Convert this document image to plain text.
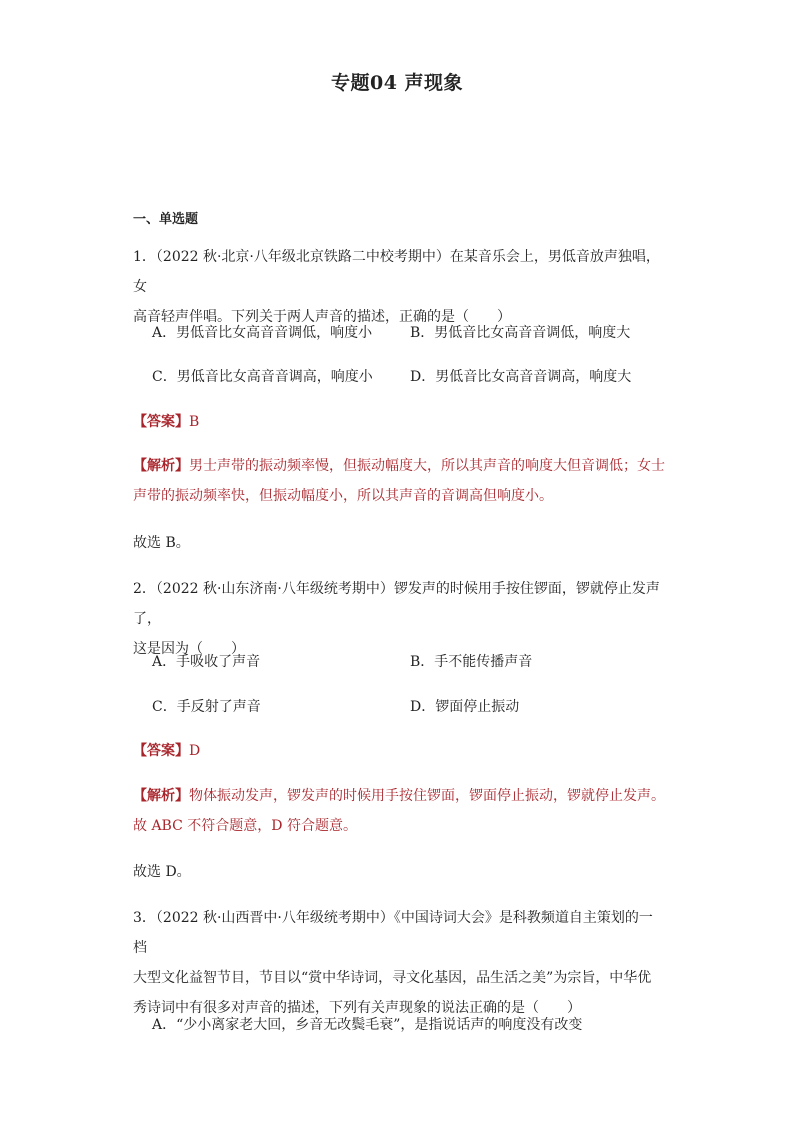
专题04 声现象
一、单选题
1．（2022 秋·北京·八年级北京铁路二中校考期中）在某音乐会上，男低音放声独唱，女
高音轻声伴唱。下列关于两人声音的描述，正确的是（　　）
A．男低音比女高音音调低，响度小	B．男低音比女高音音调低，响度大
C．男低音比女高音音调高，响度小	D．男低音比女高音音调高，响度大
【答案】B
【解析】男士声带的振动频率慢，但振动幅度大，所以其声音的响度大但音调低；女士
声带的振动频率快，但振动幅度小，所以其声音的音调高但响度小。
故选 B。
2．（2022 秋·山东济南·八年级统考期中）锣发声的时候用手按住锣面，锣就停止发声了，
这是因为（　　）
A．手吸收了声音	B．手不能传播声音
C．手反射了声音	D．锣面停止振动
【答案】D
【解析】物体振动发声，锣发声的时候用手按住锣面，锣面停止振动，锣就停止发声。
故 ABC 不符合题意，D 符合题意。
故选 D。
3．（2022 秋·山西晋中·八年级统考期中）《中国诗词大会》是科教频道自主策划的一档
大型文化益智节目，节目以“赏中华诗词，寻文化基因，品生活之美”为宗旨，中华优
秀诗词中有很多对声音的描述，下列有关声现象的说法正确的是（　　）
A．“少小离家老大回，乡音无改鬓毛衰”，是指说话声的响度没有改变
